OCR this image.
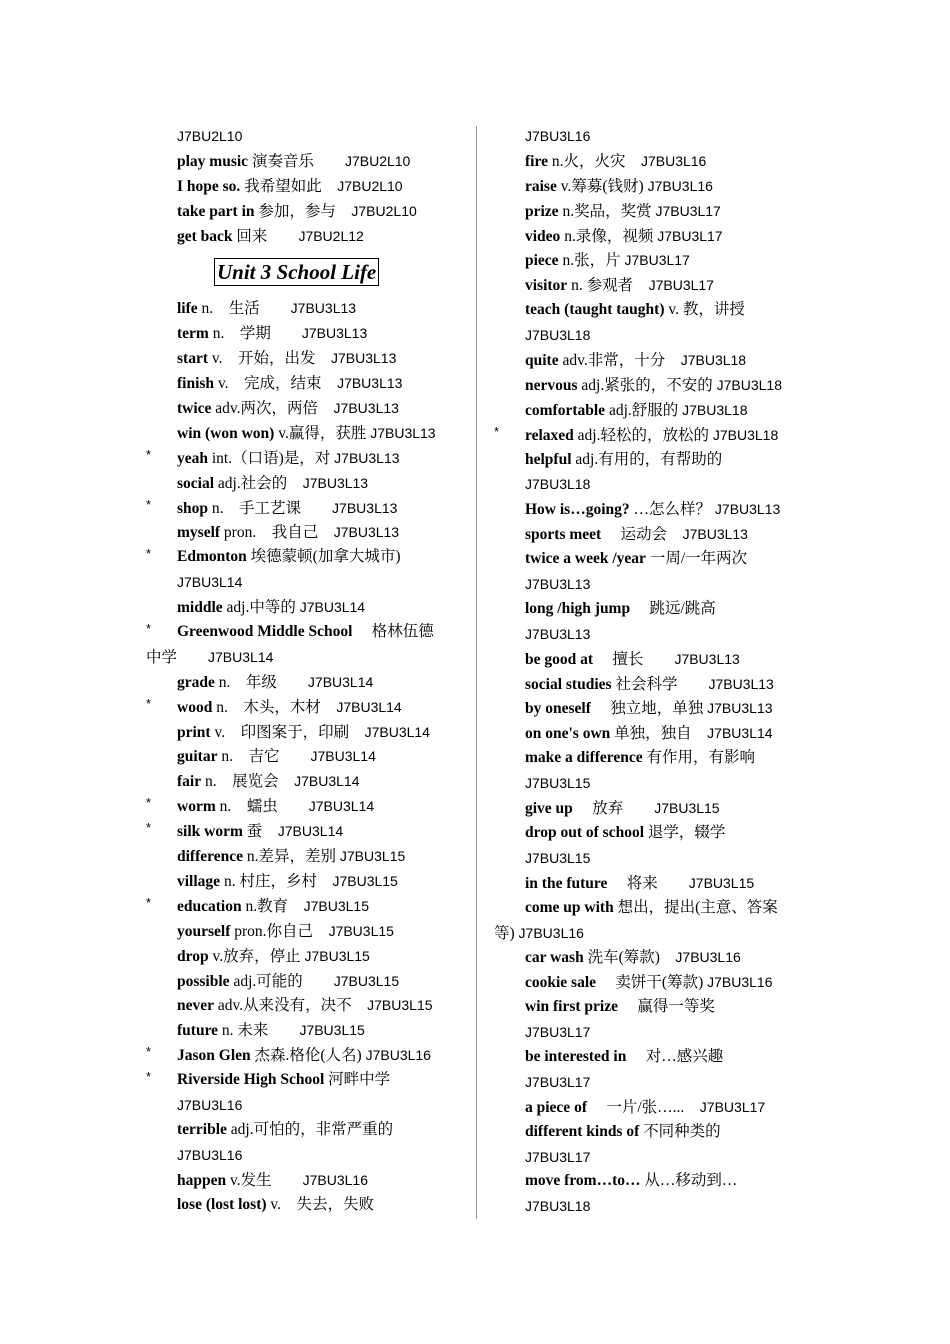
J7BU2L10
play music 演奏音乐　　J7BU2L10
I hope so. 我希望如此　J7BU2L10
take part in 参加，参与　J7BU2L10
get back 回来　　J7BU2L12
Unit 3 School Life
life n.　生活　　J7BU3L13
term n.　学期　　J7BU3L13
start v.　开始，出发　J7BU3L13
finish v.　完成，结束　J7BU3L13
twice adv.两次，两倍　J7BU3L13
win (won won) v.赢得，获胜 J7BU3L13
* yeah int.（口语)是，对 J7BU3L13
social adj.社会的　J7BU3L13
* shop n.　手工艺课　　J7BU3L13
myself pron.　我自己　J7BU3L13
* Edmonton 埃德蒙顿(加拿大城市)
J7BU3L14
middle adj.中等的 J7BU3L14
* Greenwood Middle School 　格林伍德
中学　　J7BU3L14
grade n.　年级　　J7BU3L14
* wood n.　木头，木材　J7BU3L14
print v.　印图案于，印刷　J7BU3L14
guitar n.　吉它　　J7BU3L14
fair n.　展览会　J7BU3L14
* worm n.　蠕虫　　J7BU3L14
* silk worm 蚕　J7BU3L14
difference n.差异，差别 J7BU3L15
village n. 村庄，乡村　J7BU3L15
* education n.教育　J7BU3L15
yourself pron.你自己　J7BU3L15
drop v.放弃，停止 J7BU3L15
possible adj.可能的　　J7BU3L15
never adv.从来没有，决不　J7BU3L15
future n. 未来　　J7BU3L15
* Jason Glen 杰森.格伦(人名) J7BU3L16
* Riverside High School 河畔中学
J7BU3L16
terrible adj.可怕的，非常严重的
J7BU3L16
happen v.发生　　J7BU3L16
lose (lost lost) v.　失去，失败
J7BU3L16
fire n.火，火灾　J7BU3L16
raise v.筹募(钱财) J7BU3L16
prize n.奖品，奖赏 J7BU3L17
video n.录像，视频 J7BU3L17
piece n.张，片 J7BU3L17
visitor n. 参观者　J7BU3L17
teach (taught taught) v. 教，讲授
J7BU3L18
quite adv.非常，十分　J7BU3L18
nervous adj.紧张的，不安的 J7BU3L18
comfortable adj.舒服的 J7BU3L18
* relaxed adj.轻松的，放松的 J7BU3L18
helpful adj.有用的，有帮助的
J7BU3L18
How is…going? …怎么样？ J7BU3L13
sports meet 　运动会　J7BU3L13
twice a week /year 一周/一年两次
J7BU3L13
long /high jump 　跳远/跳高
J7BU3L13
be good at 　擅长　　J7BU3L13
social studies 社会科学　　J7BU3L13
by oneself 　独立地，单独 J7BU3L13
on one's own 单独，独自　J7BU3L14
make a difference 有作用，有影响
J7BU3L15
give up 　放弃　　J7BU3L15
drop out of school 退学，辍学
J7BU3L15
in the future 　将来　　J7BU3L15
come up with 想出，提出(主意、答案
等) J7BU3L16
car wash 洗车(筹款)　J7BU3L16
cookie sale 　卖饼干(筹款) J7BU3L16
win first prize 　赢得一等奖
J7BU3L17
be interested in 　对…感兴趣
J7BU3L17
a piece of 　一片/张…...　J7BU3L17
different kinds of 不同种类的
J7BU3L17
move from…to… 从…移动到…
J7BU3L18
